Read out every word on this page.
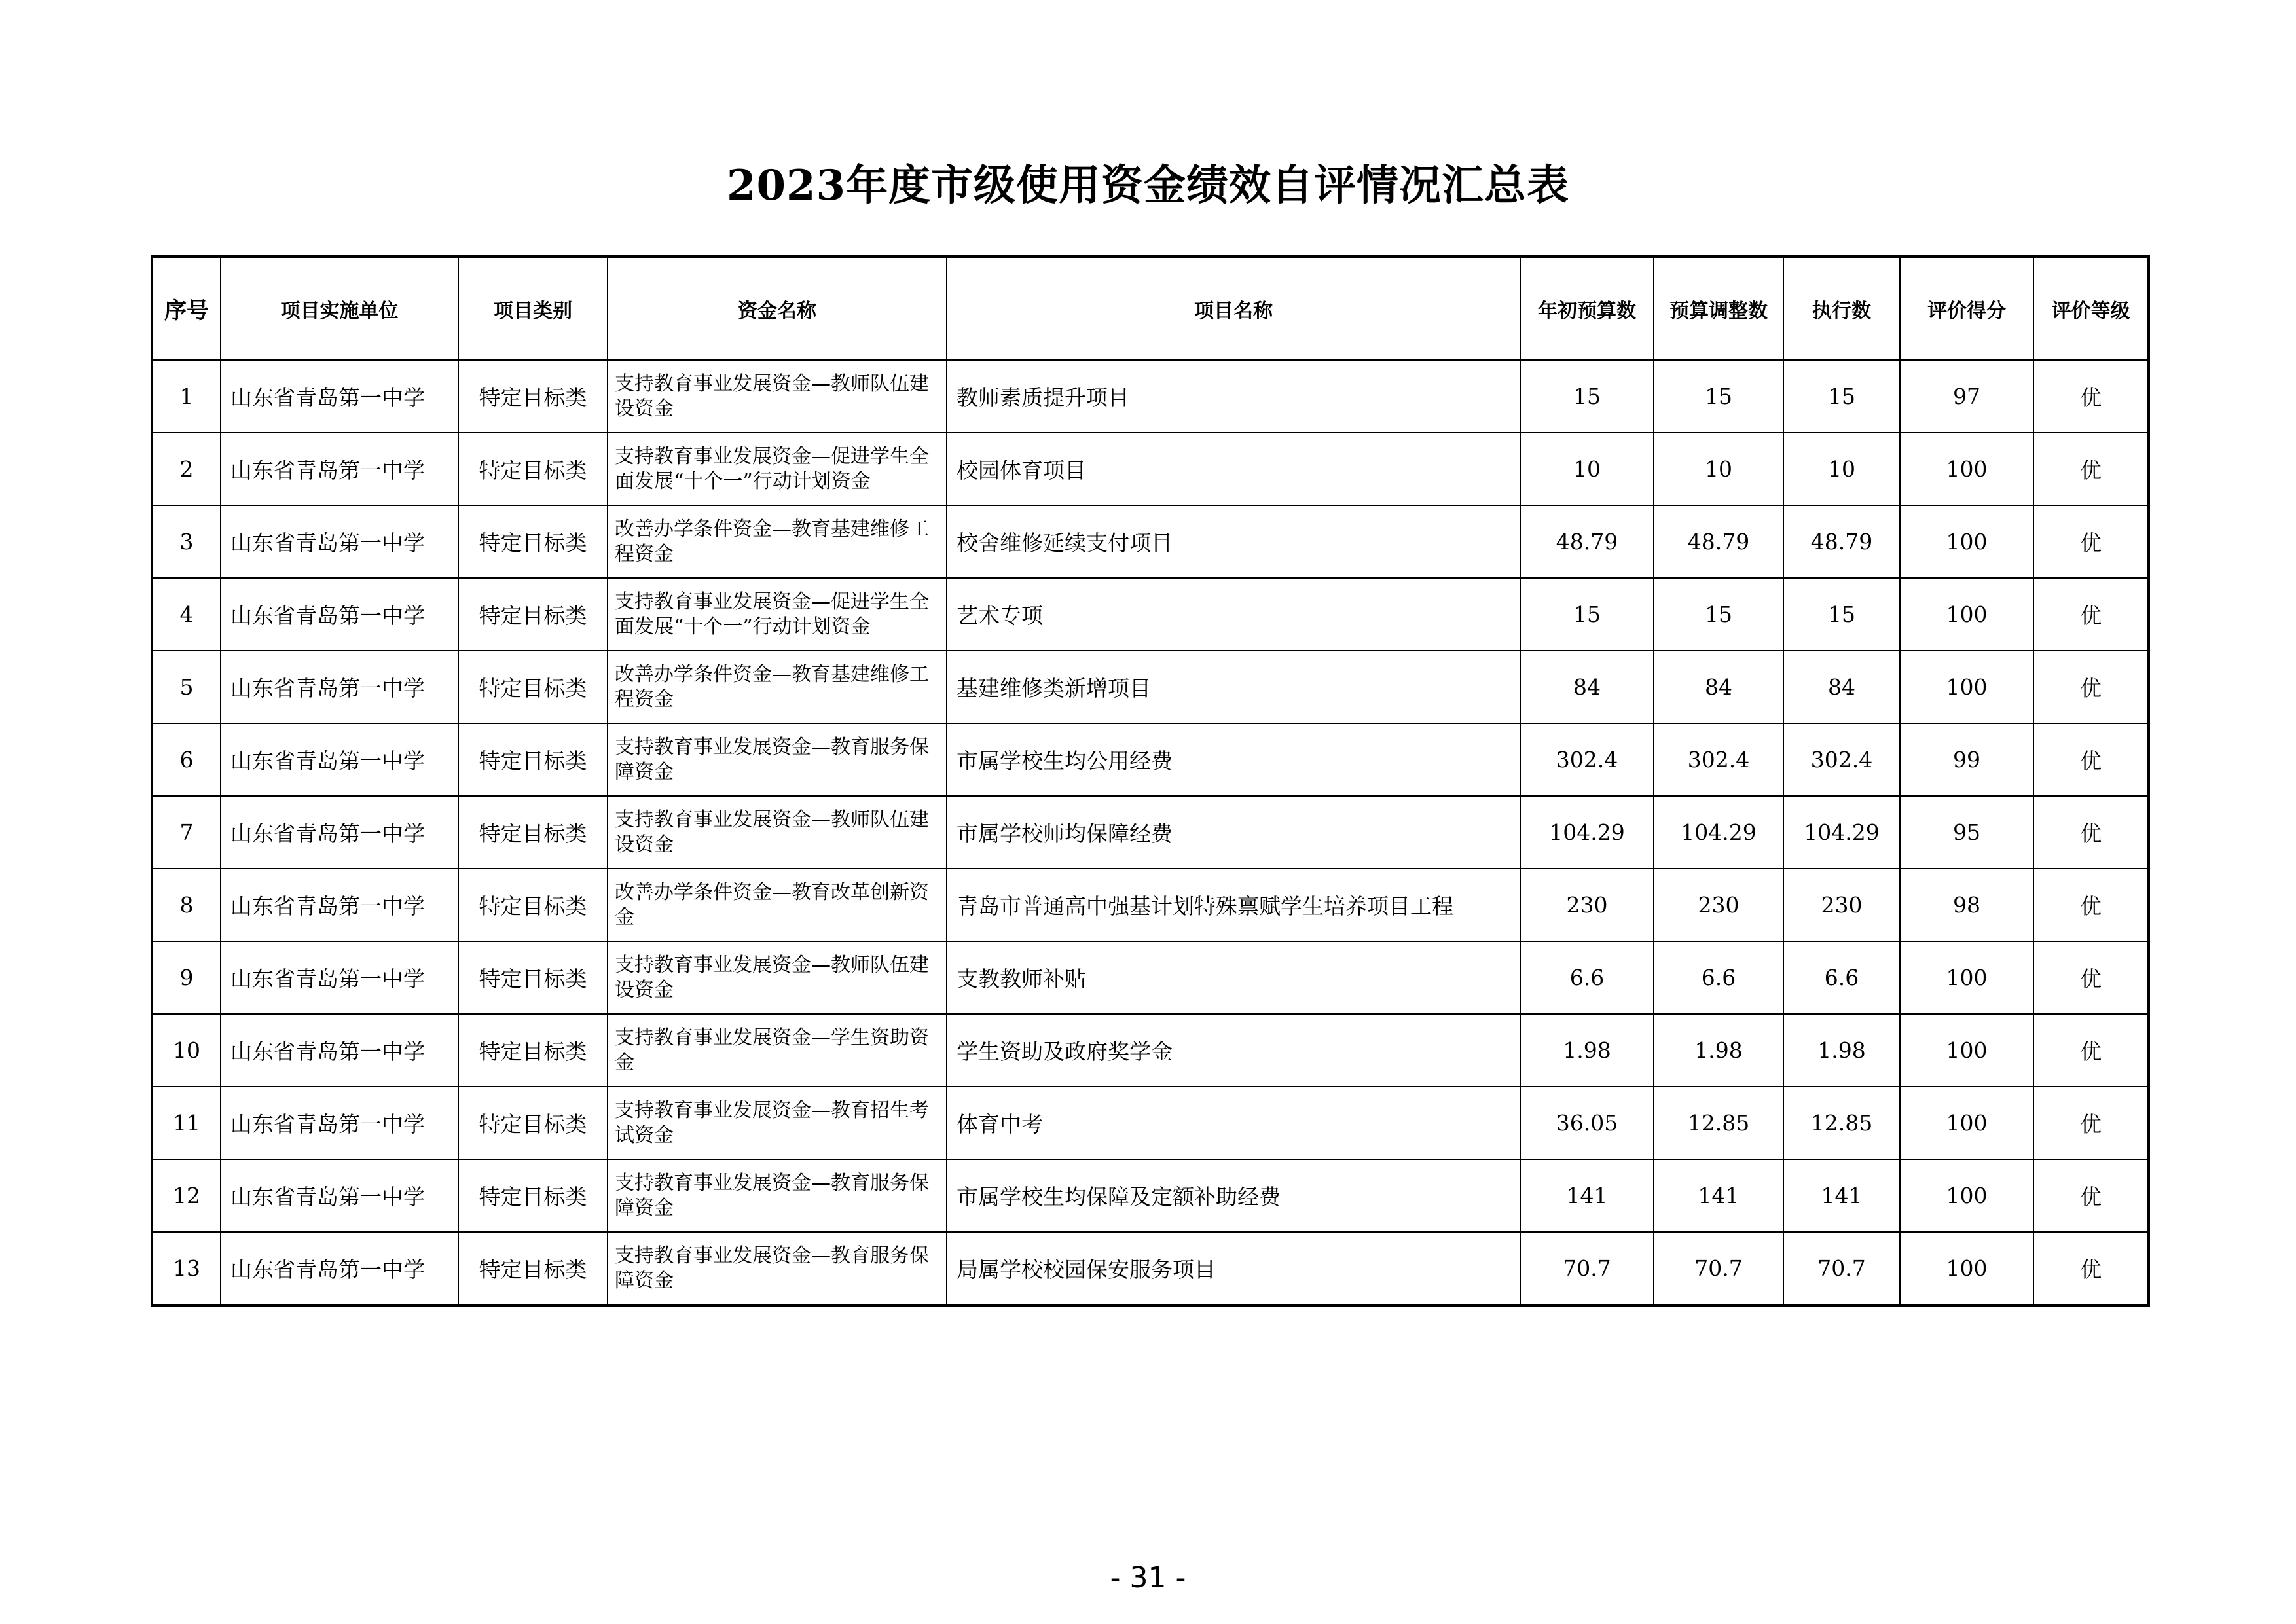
2023年度市级使用资金绩效自评情况汇总表
序号	项目实施单位	项目类别	资金名称	项目名称	年初预算数	预算调整数	执行数	评价得分	评价等级
1	山东省青岛第一中学	特定目标类	支持教育事业发展资金—教师队伍建设资金	教师素质提升项目	15	15	15	97	优
2	山东省青岛第一中学	特定目标类	支持教育事业发展资金—促进学生全面发展“十个一”行动计划资金	校园体育项目	10	10	10	100	优
3	山东省青岛第一中学	特定目标类	改善办学条件资金—教育基建维修工程资金	校舍维修延续支付项目	48.79	48.79	48.79	100	优
4	山东省青岛第一中学	特定目标类	支持教育事业发展资金—促进学生全面发展“十个一”行动计划资金	艺术专项	15	15	15	100	优
5	山东省青岛第一中学	特定目标类	改善办学条件资金—教育基建维修工程资金	基建维修类新增项目	84	84	84	100	优
6	山东省青岛第一中学	特定目标类	支持教育事业发展资金—教育服务保障资金	市属学校生均公用经费	302.4	302.4	302.4	99	优
7	山东省青岛第一中学	特定目标类	支持教育事业发展资金—教师队伍建设资金	市属学校师均保障经费	104.29	104.29	104.29	95	优
8	山东省青岛第一中学	特定目标类	改善办学条件资金—教育改革创新资金	青岛市普通高中强基计划特殊禀赋学生培养项目工程	230	230	230	98	优
9	山东省青岛第一中学	特定目标类	支持教育事业发展资金—教师队伍建设资金	支教教师补贴	6.6	6.6	6.6	100	优
10	山东省青岛第一中学	特定目标类	支持教育事业发展资金—学生资助资金	学生资助及政府奖学金	1.98	1.98	1.98	100	优
11	山东省青岛第一中学	特定目标类	支持教育事业发展资金—教育招生考试资金	体育中考	36.05	12.85	12.85	100	优
12	山东省青岛第一中学	特定目标类	支持教育事业发展资金—教育服务保障资金	市属学校生均保障及定额补助经费	141	141	141	100	优
13	山东省青岛第一中学	特定目标类	支持教育事业发展资金—教育服务保障资金	局属学校校园保安服务项目	70.7	70.7	70.7	100	优
- 31 -
